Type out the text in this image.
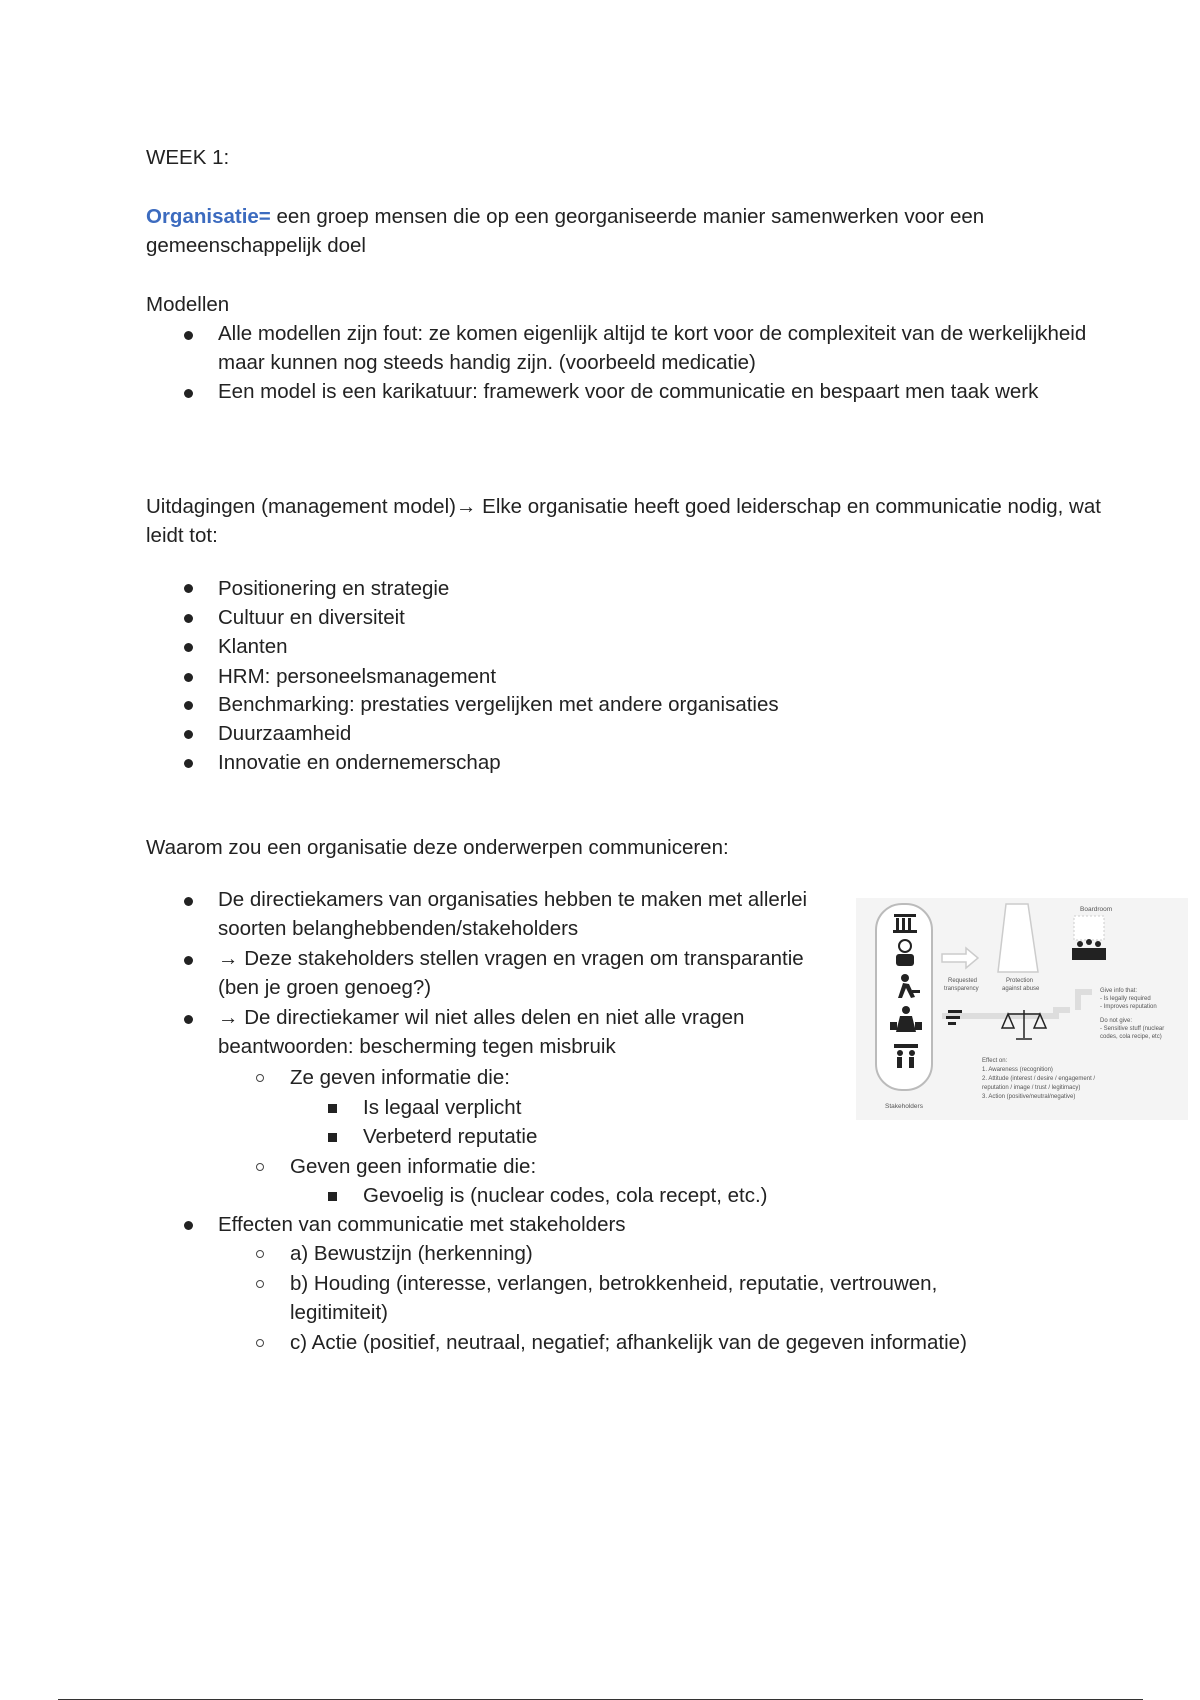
WEEK 1:
Organisatie= een groep mensen die op een georganiseerde manier samenwerken voor een gemeenschappelijk doel
Modellen
Alle modellen zijn fout: ze komen eigenlijk altijd te kort voor de complexiteit van de werkelijkheid maar kunnen nog steeds handig zijn. (voorbeeld medicatie)
Een model is een karikatuur: framewerk voor de communicatie en bespaart men taak werk
Uitdagingen (management model)→ Elke organisatie heeft goed leiderschap en communicatie nodig, wat leidt tot:
Positionering en strategie
Cultuur en diversiteit
Klanten
HRM: personeelsmanagement
Benchmarking: prestaties vergelijken met andere organisaties
Duurzaamheid
Innovatie en ondernemerschap
Waarom zou een organisatie deze onderwerpen communiceren:
De directiekamers van organisaties hebben te maken met allerlei soorten belanghebbenden/stakeholders
→ Deze stakeholders stellen vragen en vragen om transparantie (ben je groen genoeg?)
→ De directiekamer wil niet alles delen en niet alle vragen beantwoorden: bescherming tegen misbruik
Ze geven informatie die:
Is legaal verplicht
Verbeterd reputatie
Geven geen informatie die:
Gevoelig is (nuclear codes, cola recept, etc.)
Effecten van communicatie met stakeholders
a) Bewustzijn (herkenning)
b) Houding (interesse, verlangen, betrokkenheid, reputatie, vertrouwen, legitimiteit)
c) Actie (positief, neutraal, negatief; afhankelijk van de gegeven informatie)
Stakeholders
Requested
transparency
Protection
against abuse
Boardroom
Give info that:
- Is legally required
- Improves reputation
Do not give:
- Sensitive stuff (nuclear
codes, cola recipe, etc)
Effect on:
1. Awareness (recognition)
2. Attitude (interest / desire / engagement /
reputation / image / trust / legitimacy)
3. Action (positive/neutral/negative)
